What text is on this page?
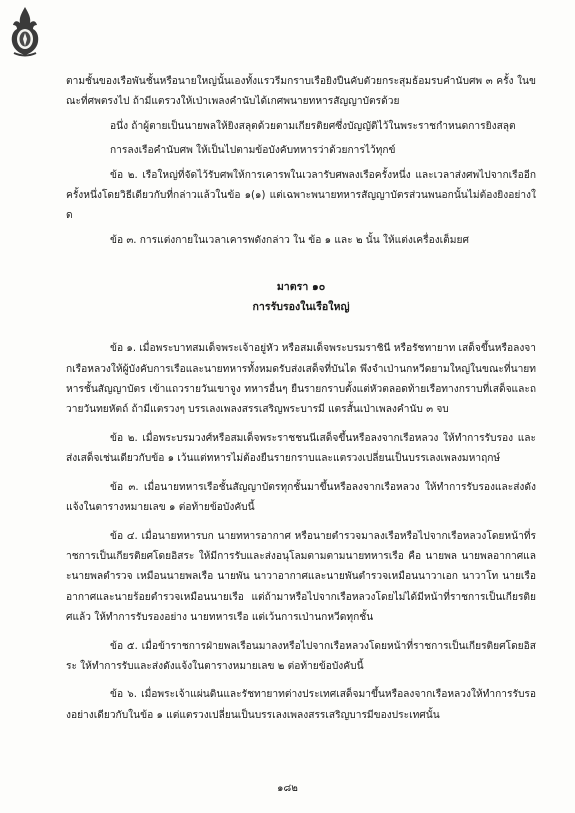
ตามชั้นของเรือพันชั้นหรือนายใหญ่นั้นเองทั้งแรวรีมกราบเรือยิงปืนคับตัวยกระสุมธ้อมรบคำนับศพ ๓ ครั้ง ในขณะที่ศพตรงไป ถ้ามีแตรวงให้เป่าเพลงคำนับได้เกศพนายทหารสัญญาบัตรด้วย

อนึ่ง ถ้าผู้ตายเป็นนายพลให้ยิงสลุตด้วยตามเกียรติยศซึ่งบัญญัติไว้ในพระราชกำหนดการยิงสลุต

การลงเรือคำนับศพ ให้เป็นไปตามข้อบังคับทหารว่าด้วยการไว้ทุกข์

ข้อ ๒. เรือใหญ่ที่จัดไว้รับศพให้การเคารพในเวลารับศพลงเรือครั้งหนึ่ง และเวลาส่งศพไปจากเรืออีกครั้งหนึ่งโดยวิธีเดียวกับที่กล่าวแล้วในข้อ ๑(๑) แต่เฉพาะพนายทหารสัญญาบัตรส่วนพนอกนั้นไม่ต้องยิงอย่างใด

ข้อ ๓. การแต่งกายในเวลาเคารพดังกล่าว ใน ข้อ ๑ และ ๒ นั้น ให้แต่งเครื่องเต็มยศ

มาตรา ๑๐
การรับรองในเรือใหญ่

ข้อ ๑. เมื่อพระบาทสมเด็จพระเจ้าอยู่หัว หรือสมเด็จพระบรมราชินี หรือรัชทายาท เสด็จขึ้นหรือลงจากเรือหลวงให้ผู้บังคับการเรือและนายทหารทั้งหมดรับส่งเสด็จที่บันได พึงจำเป่านกหวีดยามใหญ่ในขณะที่นายทหารชั้นสัญญาบัตร เข้าแถวรายวันเขาจูง ทหารอื่นๆ ยืนรายกราบตั้งแต่หัวตลอดท้ายเรือทางกราบที่เสด็จและถวายวันทยหัตถ์ ถ้ามีแตรวงๆ บรรเลงเพลงสรรเสริญพระบารมี แตรสั้นเป่าเพลงคำนับ ๓ จบ

ข้อ ๒. เมื่อพระบรมวงศ์หรือสมเด็จพระราชชนนีเสด็จขึ้นหรือลงจากเรือหลวง ให้ทำการรับรอง และส่งเสด็จเช่นเดียวกับข้อ ๑ เว้นแต่ทหารไม่ต้องยืนรายกราบและแตรวงเปลี่ยนเป็นบรรเลงเพลงมหาฤกษ์

ข้อ ๓. เมื่อนายทหารเรือชั้นสัญญาบัตรทุกชั้นมาขึ้นหรือลงจากเรือหลวง ให้ทำการรับรองและส่งดังแจ้งในตารางหมายเลข ๑ ต่อท้ายข้อบังคับนี้

ข้อ ๔. เมื่อนายทหารบก นายทหารอากาศ หรือนายตำรวจมาลงเรือหรือไปจากเรือหลวงโดยหน้าที่ราชการเป็นเกียรติยศโดยอิสระ ให้มีการรับและส่งอนุโลมตามตามนายทหารเรือ คือ นายพล นายพลอากาศและนายพลตำรวจ เหมือนนายพลเรือ นายพัน นาวาอากาศและนายพันตำรวจเหมือนนาวาเอก นาวาโท นายเรืออากาศและนายร้อยตำรวจเหมือนนายเรือ แต่ถ้ามาหรือไปจากเรือหลวงโดยไม่ได้มีหน้าที่ราชการเป็นเกียรติยศแล้ว ให้ทำการรับรองอย่าง นายทหารเรือ แต่เว้นการเป่านกหวีดทุกชั้น

ข้อ ๕. เมื่อข้าราชการฝ่ายพลเรือนมาลงหรือไปจากเรือหลวงโดยหน้าที่ราชการเป็นเกียรติยศโดยอิสระ ให้ทำการรับและส่งดังแจ้งในตารางหมายเลข ๒ ต่อท้ายข้อบังคับนี้

ข้อ ๖. เมื่อพระเจ้าแผ่นดินและรัชทายาทต่างประเทศเสด็จมาขึ้นหรือลงจากเรือหลวงให้ทำการรับรองอย่างเดียวกับในข้อ ๑ แต่แตรวงเปลี่ยนเป็นบรรเลงเพลงสรรเสริญบารมีของประเทศนั้น

๑๘๒
